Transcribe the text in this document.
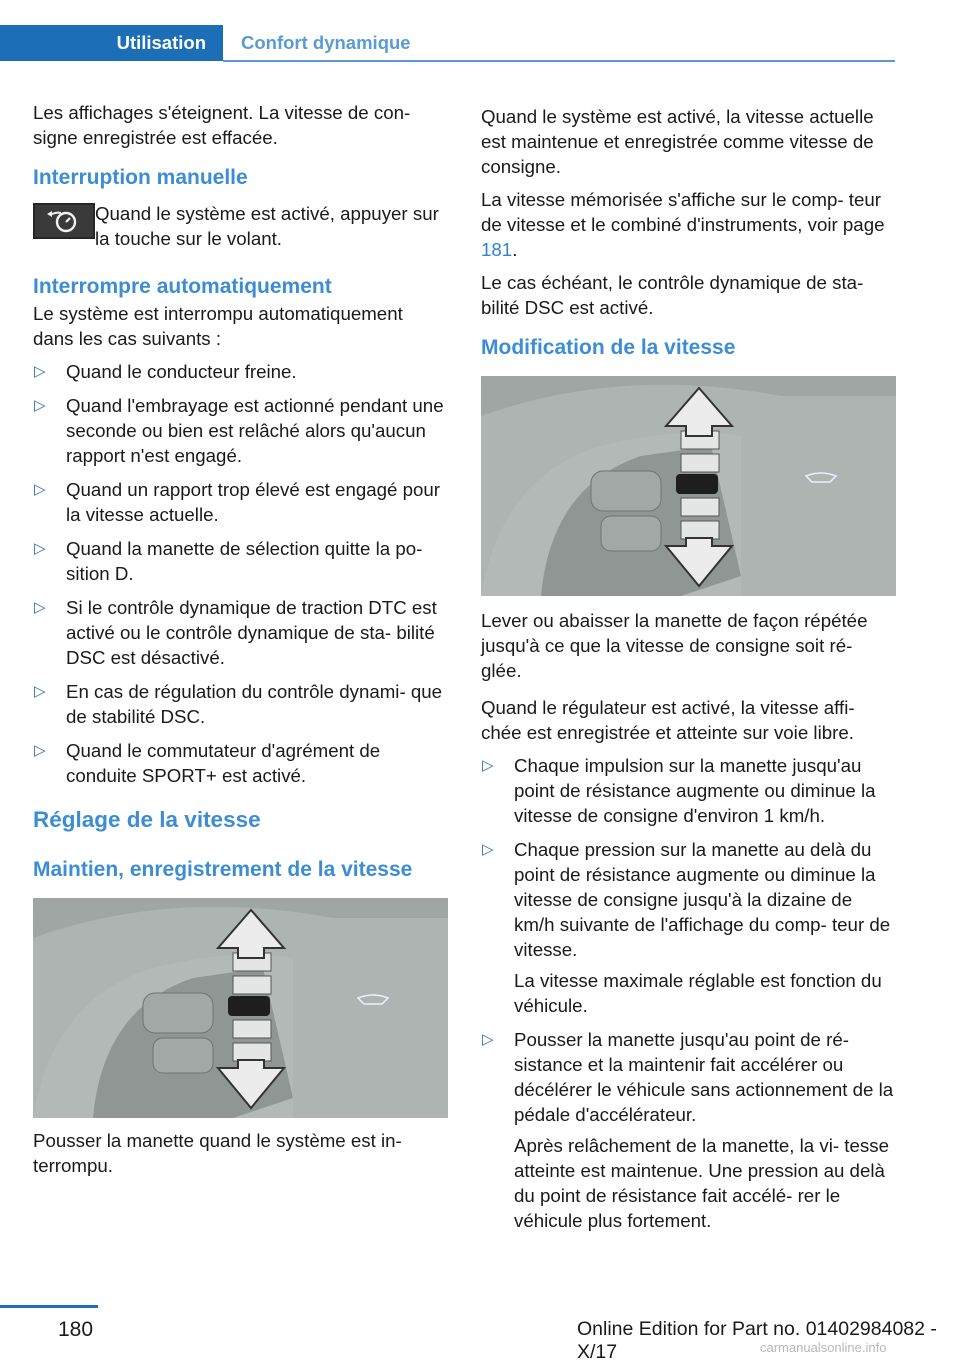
Utilisation	Confort dynamique

Les affichages s'éteignent. La vitesse de con‐ signe enregistrée est effacée.

Interruption manuelle
Quand le système est activé, appuyer sur la touche sur le volant.
Interrompre automatiquement

Le système est interrompu automatiquement dans les cas suivants :

▷ Quand le conducteur freine.
▷ Quand l'embrayage est actionné pendant une seconde ou bien est relâché alors qu'aucun rapport n'est engagé.
▷ Quand un rapport trop élevé est engagé pour la vitesse actuelle.
▷ Quand la manette de sélection quitte la po‐ sition D.
▷ Si le contrôle dynamique de traction DTC est activé ou le contrôle dynamique de sta‐ bilité DSC est désactivé.
▷ En cas de régulation du contrôle dynami‐ que de stabilité DSC.
▷ Quand le commutateur d'agrément de conduite SPORT+ est activé.
Réglage de la vitesse
Maintien, enregistrement de la vitesse

Pousser la manette quand le système est in‐ terrompu.

Quand le système est activé, la vitesse actuelle est maintenue et enregistrée comme vitesse de consigne.

La vitesse mémorisée s'affiche sur le comp‐ teur de vitesse et le combiné d'instruments, voir page 181.

Le cas échéant, le contrôle dynamique de sta‐ bilité DSC est activé.

Modification de la vitesse

Lever ou abaisser la manette de façon répétée jusqu'à ce que la vitesse de consigne soit ré‐ glée.

Quand le régulateur est activé, la vitesse affi‐ chée est enregistrée et atteinte sur voie libre.

▷ Chaque impulsion sur la manette jusqu'au point de résistance augmente ou diminue la vitesse de consigne d'environ 1 km/h.
▷ Chaque pression sur la manette au delà du point de résistance augmente ou diminue la vitesse de consigne jusqu'à la dizaine de km/h suivante de l'affichage du comp‐ teur de vitesse.

La vitesse maximale réglable est fonction du véhicule.

▷ Pousser la manette jusqu'au point de ré‐ sistance et la maintenir fait accélérer ou décélérer le véhicule sans actionnement de la pédale d'accélérateur.

Après relâchement de la manette, la vi‐ tesse atteinte est maintenue. Une pression au delà du point de résistance fait accélé‐ rer le véhicule plus fortement.

180	Online Edition for Part no. 01402984082 - X/17	carmanualsonline.info
